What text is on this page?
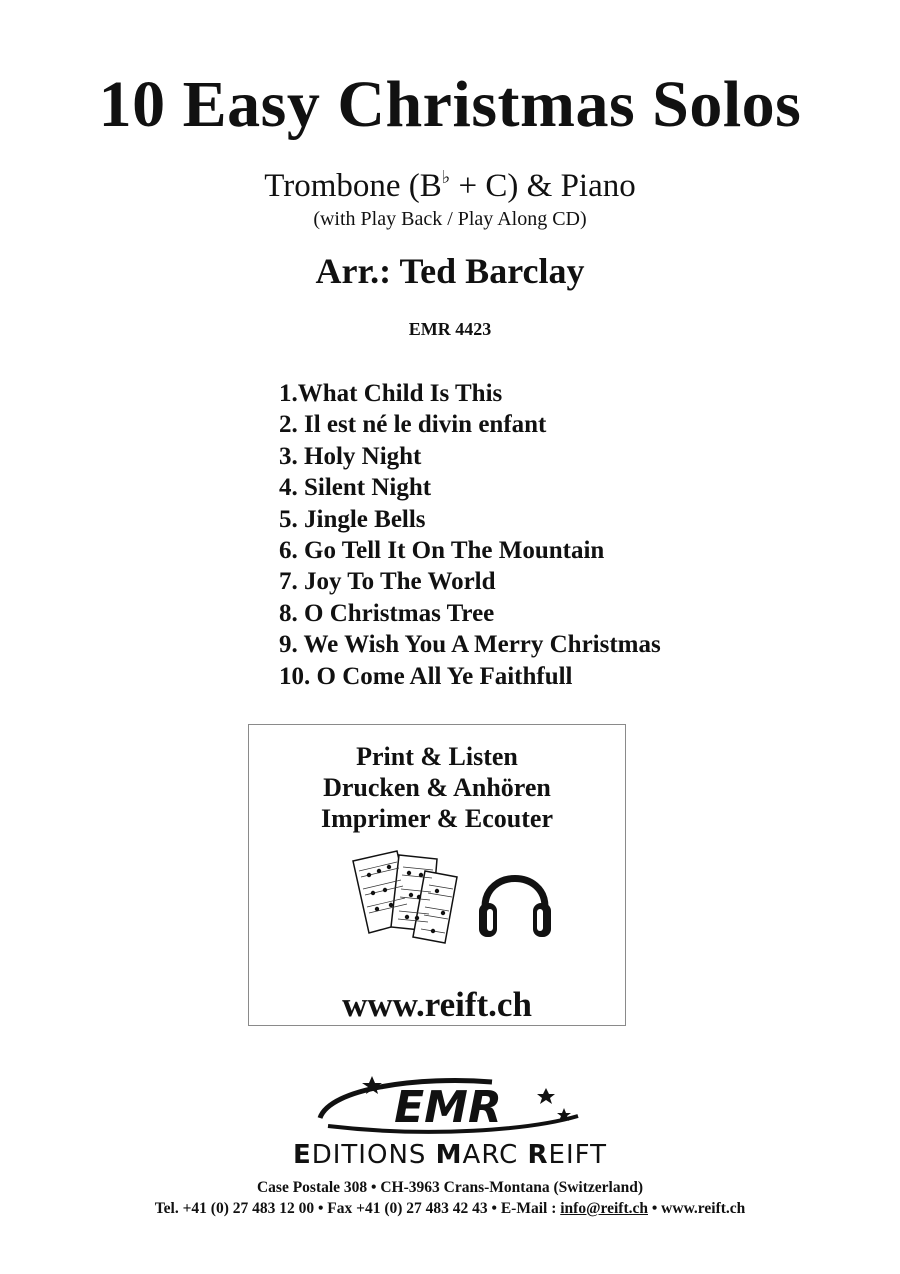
10 Easy Christmas Solos
Trombone (B♭ + C) & Piano
(with Play Back / Play Along CD)
Arr.: Ted Barclay
EMR 4423
1.What Child Is This
2. Il est né le divin enfant
3. Holy Night
4. Silent Night
5. Jingle Bells
6. Go Tell It On The Mountain
7. Joy To The World
8. O Christmas Tree
9. We Wish You A Merry Christmas
10. O Come All Ye Faithfull
Print & Listen
Drucken & Anhören
Imprimer & Ecouter
www.reift.ch
EMR
EDITIONS MARC REIFT
Case Postale 308 • CH-3963 Crans-Montana (Switzerland)
Tel. +41 (0) 27 483 12 00 • Fax +41 (0) 27 483 42 43 • E-Mail : info@reift.ch • www.reift.ch
